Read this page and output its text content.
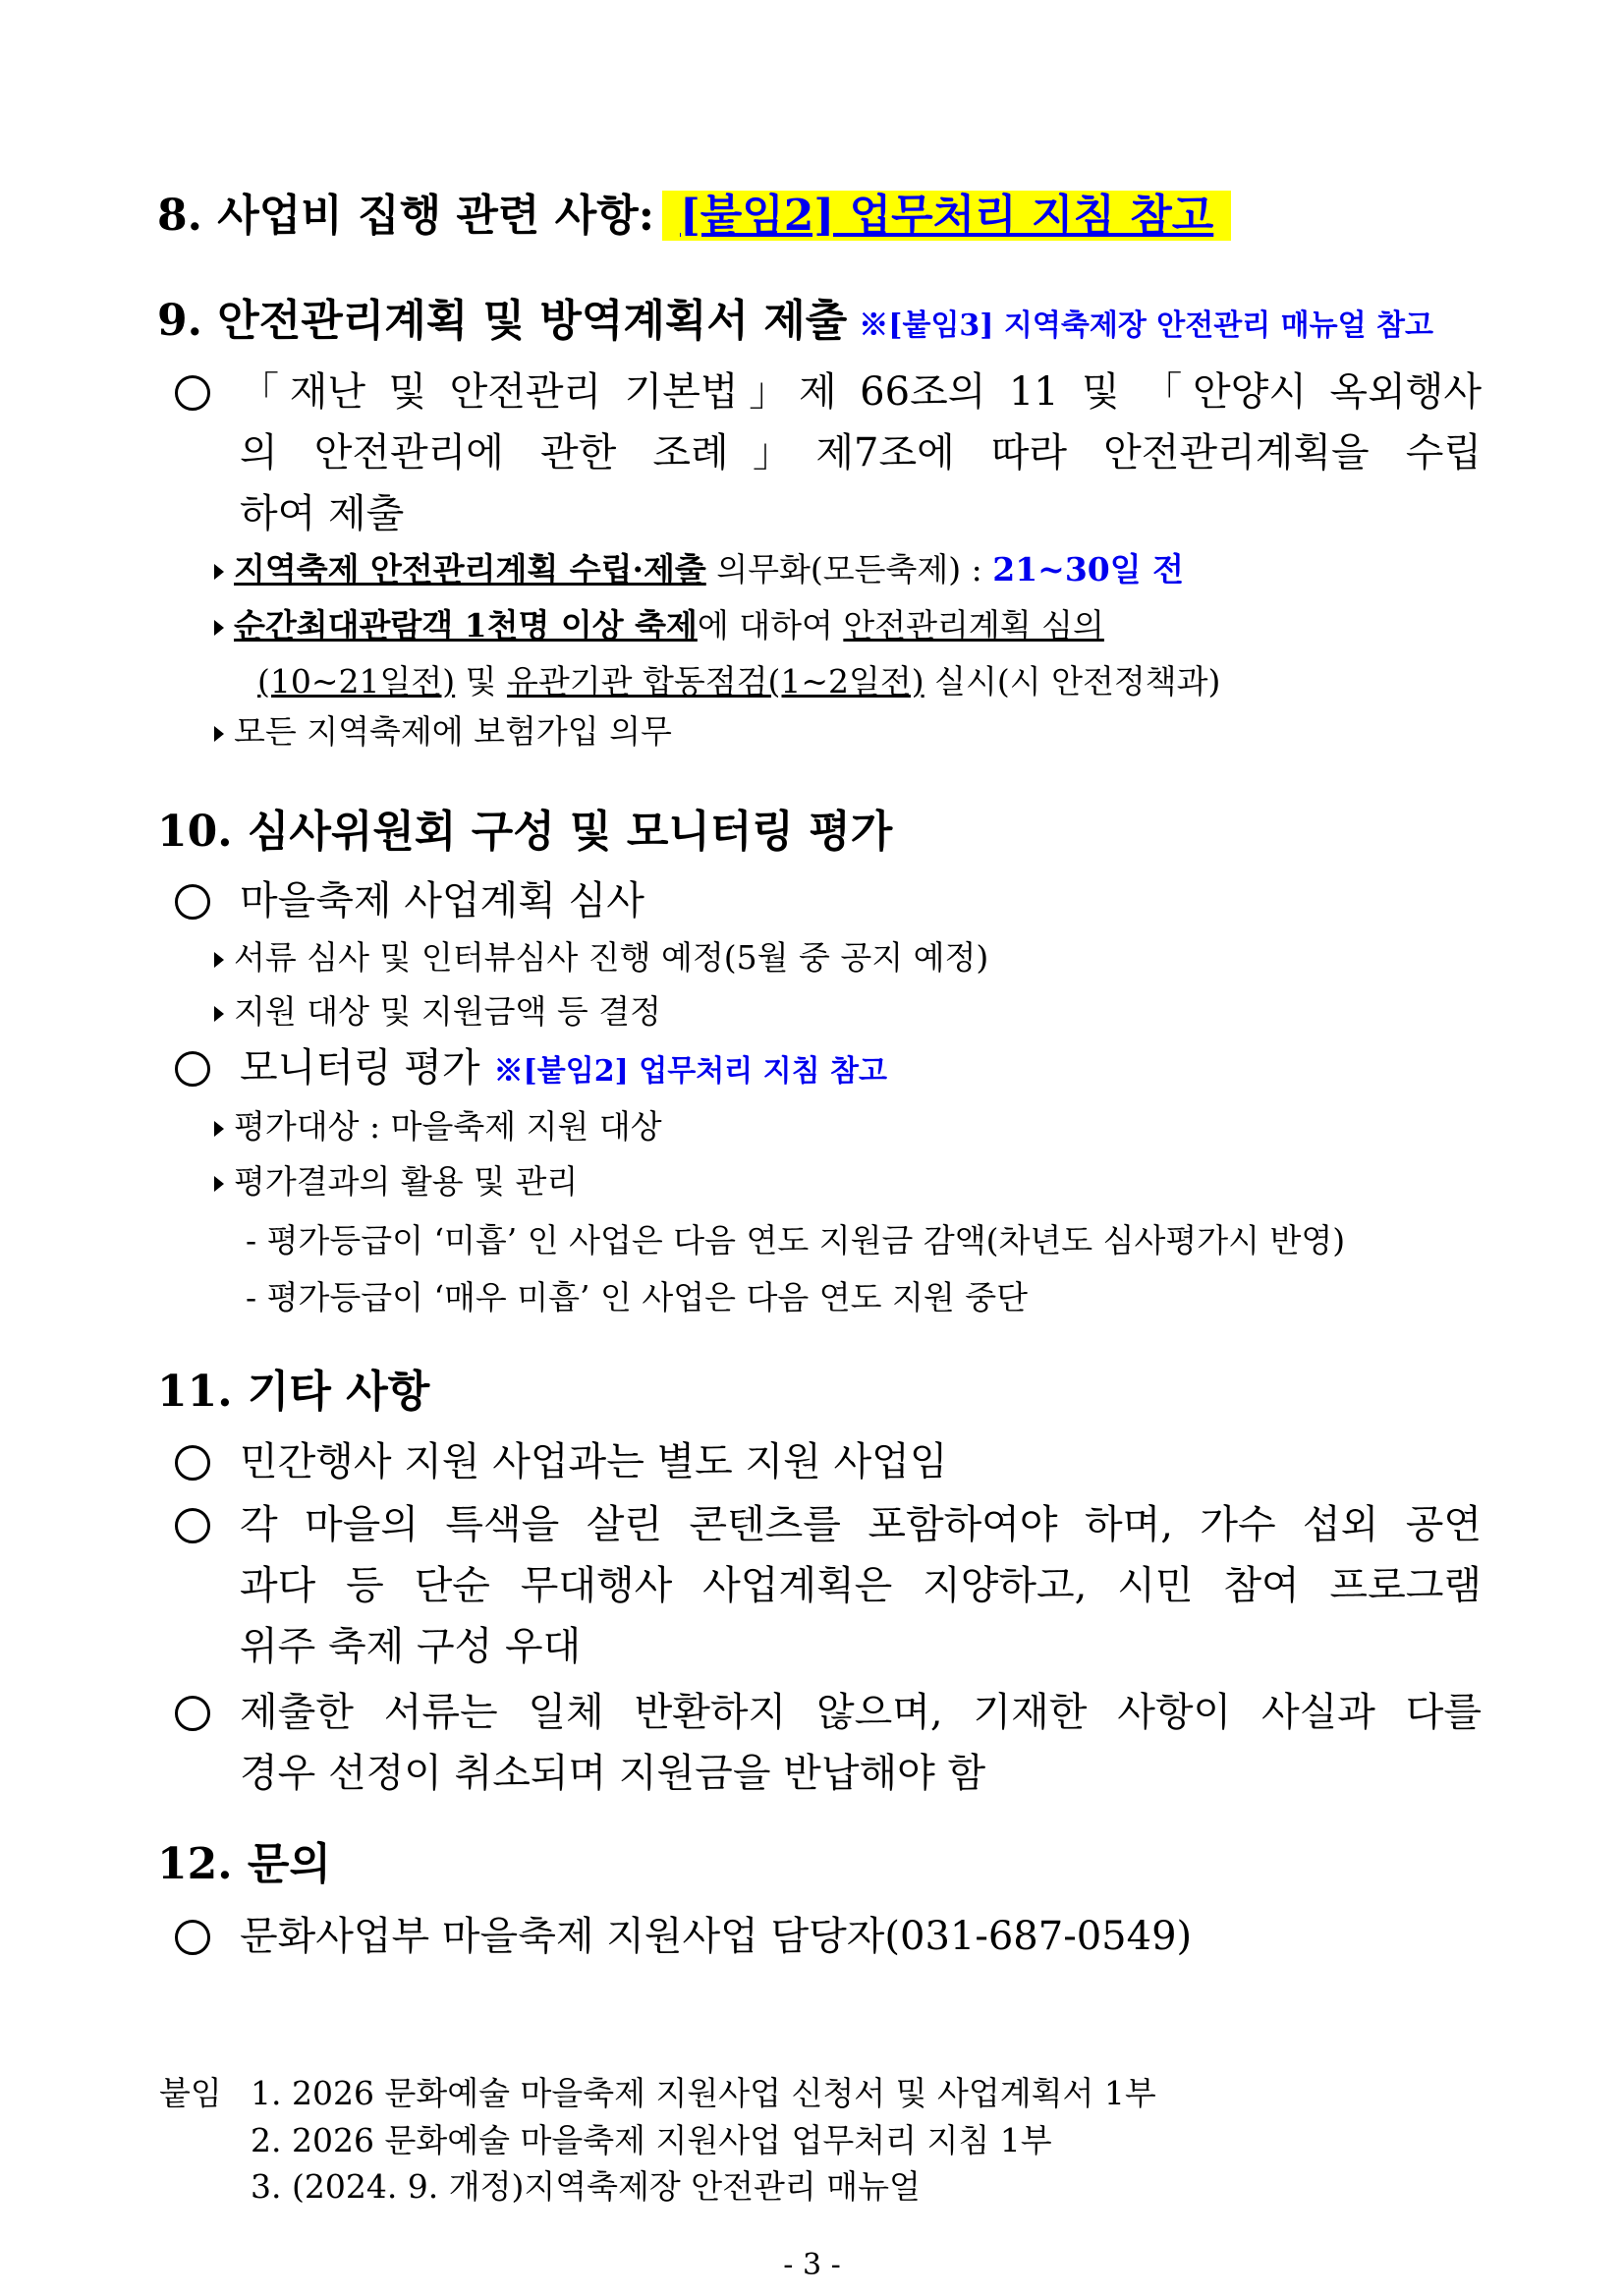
8. 사업비 집행 관련 사항: [붙임2] 업무처리 지침 참고
9. 안전관리계획 및 방역계획서 제출 ※[붙임3] 지역축제장 안전관리 매뉴얼 참고
「재난 및 안전관리 기본법」제 66조의 11 및 「안양시 옥외행사
의 안전관리에 관한 조례」제7조에 따라 안전관리계획을 수립
하여 제출
지역축제 안전관리계획 수립·제출 의무화(모든축제) : 21~30일 전
순간최대관람객 1천명 이상 축제에 대하여 안전관리계획 심의
(10~21일전) 및 유관기관 합동점검(1~2일전) 실시(시 안전정책과)
모든 지역축제에 보험가입 의무
10. 심사위원회 구성 및 모니터링 평가
마을축제 사업계획 심사
서류 심사 및 인터뷰심사 진행 예정(5월 중 공지 예정)
지원 대상 및 지원금액 등 결정
모니터링 평가 ※[붙임2] 업무처리 지침 참고
평가대상 : 마을축제 지원 대상
평가결과의 활용 및 관리
- 평가등급이 ‘미흡’ 인 사업은 다음 연도 지원금 감액(차년도 심사평가시 반영)
- 평가등급이 ‘매우 미흡’ 인 사업은 다음 연도 지원 중단
11. 기타 사항
민간행사 지원 사업과는 별도 지원 사업임
각 마을의 특색을 살린 콘텐츠를 포함하여야 하며, 가수 섭외 공연
과다 등 단순 무대행사 사업계획은 지양하고, 시민 참여 프로그램
위주 축제 구성 우대
제출한 서류는 일체 반환하지 않으며, 기재한 사항이 사실과 다를
경우 선정이 취소되며 지원금을 반납해야 함
12. 문의
문화사업부 마을축제 지원사업 담당자(031-687-0549)
붙임 1. 2026 문화예술 마을축제 지원사업 신청서 및 사업계획서 1부
2. 2026 문화예술 마을축제 지원사업 업무처리 지침 1부
3. (2024. 9. 개정)지역축제장 안전관리 매뉴얼
- 3 -
